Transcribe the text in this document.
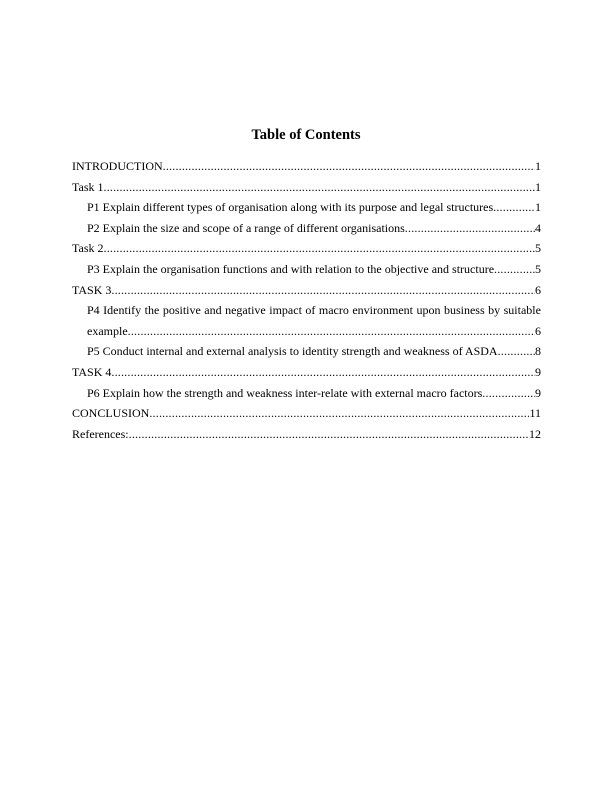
Table of Contents
INTRODUCTION .....	1
Task 1 .....	1
P1 Explain different types of organisation along with its purpose and legal structures .....	1
P2 Explain the size and scope of a range of different organisations .....	4
Task 2 .....	5
P3 Explain the organisation functions and with relation to the objective and structure .....	5
TASK 3 .....	6
P4 Identify the positive and negative impact of macro environment upon business by suitable
example .....	6
P5 Conduct internal and external analysis to identity strength and weakness of ASDA .....	8
TASK 4 .....	9
P6 Explain how the strength and weakness inter-relate with external macro factors .....	9
CONCLUSION .....	11
References: .....	12
